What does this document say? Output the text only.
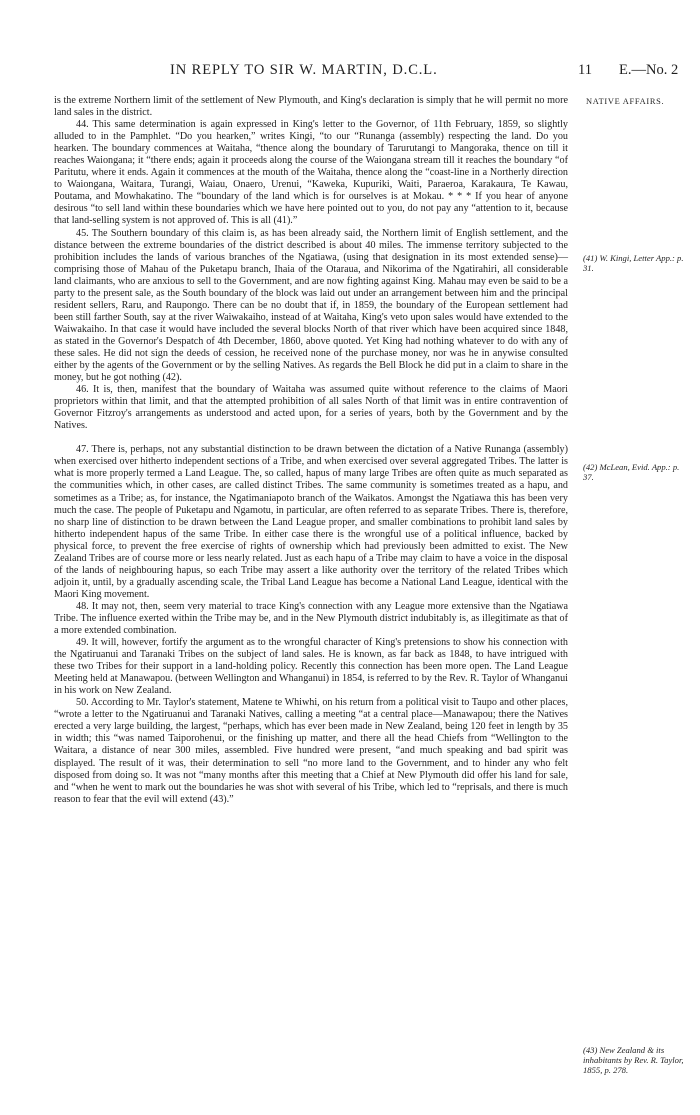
IN REPLY TO SIR W. MARTIN, D.C.L.	11 E.—No. 2
NATIVE AFFAIRS.

is the extreme Northern limit of the settlement of New Plymouth, and King's declaration is simply that he will permit no more land sales in the district.

44. This same determination is again expressed in King's letter to the Governor, of 11th February, 1859, so slightly alluded to in the Pamphlet. “Do you hearken,” writes Kingi, “to our “Runanga (assembly) respecting the land. Do you hearken. The boundary commences at Waitaha, “thence along the boundary of Tarurutangi to Mangoraka, thence on till it reaches Waiongana; it “there ends; again it proceeds along the course of the Waiongana stream till it reaches the boundary “of Paritutu, where it ends. Again it commences at the mouth of the Waitaha, thence along the “coast-line in a Northerly direction to Waiongana, Waitara, Turangi, Waiau, Onaero, Urenui, “Kaweka, Kupuriki, Waiti, Paraeroa, Karakaura, Te Kawau, Poutama, and Mowhakatino. The “boundary of the land which is for ourselves is at Mokau. * * * If you hear of anyone desirous “to sell land within these boundaries which we have here pointed out to you, do not pay any “attention to it, because that land-selling system is not approved of. This is all (41).”

45. The Southern boundary of this claim is, as has been already said, the Northern limit of English settlement, and the distance between the extreme boundaries of the district described is about 40 miles. The immense territory subjected to the prohibition includes the lands of various branches of the Ngatiawa, (using that designation in its most extended sense)—comprising those of Mahau of the Puketapu branch, Ihaia of the Otaraua, and Nikorima of the Ngatirahiri, all considerable land claimants, who are anxious to sell to the Government, and are now fighting against King. Mahau may even be said to be a party to the present sale, as the South boundary of the block was laid out under an arrangement between him and the principal resident sellers, Raru, and Raupongo. There can be no doubt that if, in 1859, the boundary of the European settlement had been still farther South, say at the river Waiwakaiho, instead of at Waitaha, King's veto upon sales would have extended to the Waiwakaiho. In that case it would have included the several blocks North of that river which have been acquired since 1848, as stated in the Governor's Despatch of 4th December, 1860, above quoted. Yet King had nothing whatever to do with any of these sales. He did not sign the deeds of cession, he received none of the purchase money, nor was he in anywise consulted either by the agents of the Government or by the selling Natives. As regards the Bell Block he did put in a claim to share in the money, but he got nothing (42).

46. It is, then, manifest that the boundary of Waitaha was assumed quite without reference to the claims of Maori proprietors within that limit, and that the attempted prohibition of all sales North of that limit was in entire contravention of Governor Fitzroy's arrangements as understood and acted upon, for a series of years, both by the Government and by the Natives.

47. There is, perhaps, not any substantial distinction to be drawn between the dictation of a Native Runanga (assembly) when exercised over hitherto independent sections of a Tribe, and when exercised over several aggregated Tribes. The latter is what is more properly termed a Land League. The, so called, hapus of many large Tribes are often quite as much separated as the communities which, in other cases, are called distinct Tribes. The same community is sometimes treated as a hapu, and sometimes as a Tribe; as, for instance, the Ngatimaniapoto branch of the Waikatos. Amongst the Ngatiawa this has been very much the case. The people of Puketapu and Ngamotu, in particular, are often referred to as separate Tribes. There is, therefore, no sharp line of distinction to be drawn between the Land League proper, and smaller combinations to prohibit land sales by hitherto independent hapus of the same Tribe. In either case there is the wrongful use of a political influence, backed by physical force, to prevent the free exercise of rights of ownership which had previously been admitted to exist. The New Zealand Tribes are of course more or less nearly related. Just as each hapu of a Tribe may claim to have a voice in the disposal of the lands of neighbouring hapus, so each Tribe may assert a like authority over the territory of the related Tribes which adjoin it, until, by a gradually ascending scale, the Tribal Land League has become a National Land League, identical with the Maori King movement.

48. It may not, then, seem very material to trace King's connection with any League more extensive than the Ngatiawa Tribe. The influence exerted within the Tribe may be, and in the New Plymouth district indubitably is, as illegitimate as that of a more extended combination.

49. It will, however, fortify the argument as to the wrongful character of King's pretensions to show his connection with the Ngatiruanui and Taranaki Tribes on the subject of land sales. He is known, as far back as 1848, to have intrigued with these two Tribes for their support in a land-holding policy. Recently this connection has been more open. The Land League Meeting held at Manawapou. (between Wellington and Whanganui) in 1854, is referred to by the Rev. R. Taylor of Whanganui in his work on New Zealand.

50. According to Mr. Taylor's statement, Matene te Whiwhi, on his return from a political visit to Taupo and other places, “wrote a letter to the Ngatiruanui and Taranaki Natives, calling a meeting “at a central place—Manawapou; there the Natives erected a very large building, the largest, “perhaps, which has ever been made in New Zealand, being 120 feet in length by 35 in width; this “was named Taiporohenui, or the finishing up matter, and there all the head Chiefs from “Wellington to the Waitara, a distance of near 300 miles, assembled. Five hundred were present, “and much speaking and bad spirit was displayed. The result of it was, their determination to sell “no more land to the Government, and to hinder any who felt disposed from doing so. It was not “many months after this meeting that a Chief at New Plymouth did offer his land for sale, and “when he went to mark out the boundaries he was shot with several of his Tribe, which led to “reprisals, and there is much reason to fear that the evil will extend (43).”

(41) W. Kingi, Letter App.: p. 31.
(42) McLean, Evid. App.: p. 37.
(43) New Zealand & its inhabitants by Rev. R. Taylor, 1855, p. 278.
